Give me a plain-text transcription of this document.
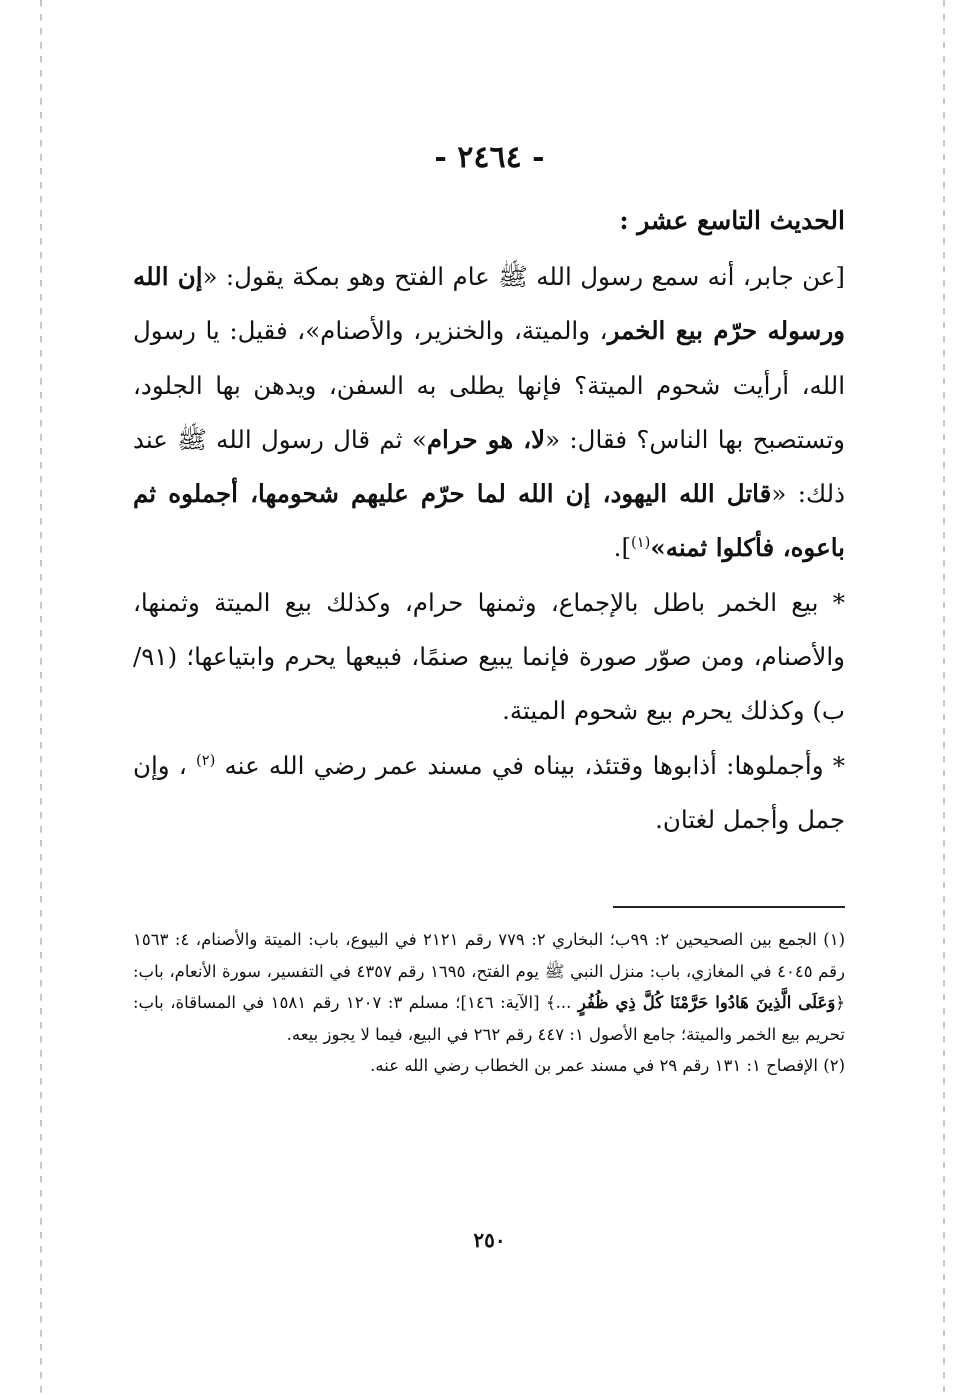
- ٢٤٦٤ -
الحديث التاسع عشر :

[عن جابر، أنه سمع رسول الله ﷺ عام الفتح وهو بمكة يقول: «إن الله ورسوله حرّم بيع الخمر، والميتة، والخنزير، والأصنام»، فقيل: يا رسول الله، أرأيت شحوم الميتة؟ فإنها يطلى به السفن، ويدهن بها الجلود، وتستصبح بها الناس؟ فقال: «لا، هو حرام» ثم قال رسول الله ﷺ عند ذلك: «قاتل الله اليهود، إن الله لما حرّم عليهم شحومها، أجملوه ثم باعوه، فأكلوا ثمنه»$^{(١)}$].

* بيع الخمر باطل بالإجماع، وثمنها حرام، وكذلك بيع الميتة وثمنها، والأصنام، ومن صوّر صورة فإنما يبيع صنمًا، فبيعها يحرم وابتياعها؛ (٩١/ب) وكذلك يحرم بيع شحوم الميتة.

* وأجملوها: أذابوها وقتئذ، بيناه في مسند عمر رضي الله عنه $^{(٢)}$ ، وإن جمل وأجمل لغتان.

(١) الجمع بين الصحيحين ٢: ٩٩ب؛ البخاري ٢: ٧٧٩ رقم ٢١٢١ في البيوع، باب: الميتة والأصنام، ٤: ١٥٦٣ رقم ٤٠٤٥ في المغازي، باب: منزل النبي ﷺ يوم الفتح، ١٦٩٥ رقم ٤٣٥٧ في التفسير، سورة الأنعام، باب: ﴿وَعَلَى الَّذِينَ هَادُوا حَرَّمْنَا كُلَّ ذِي ظُفُرٍ ...﴾ [الآية: ١٤٦]؛ مسلم ٣: ١٢٠٧ رقم ١٥٨١ في المساقاة، باب: تحريم بيع الخمر والميتة؛ جامع الأصول ١: ٤٤٧ رقم ٢٦٢ في البيع، فيما لا يجوز بيعه.

(٢) الإفصاح ١: ١٣١ رقم ٢٩ في مسند عمر بن الخطاب رضي الله عنه.

٢٥٠
